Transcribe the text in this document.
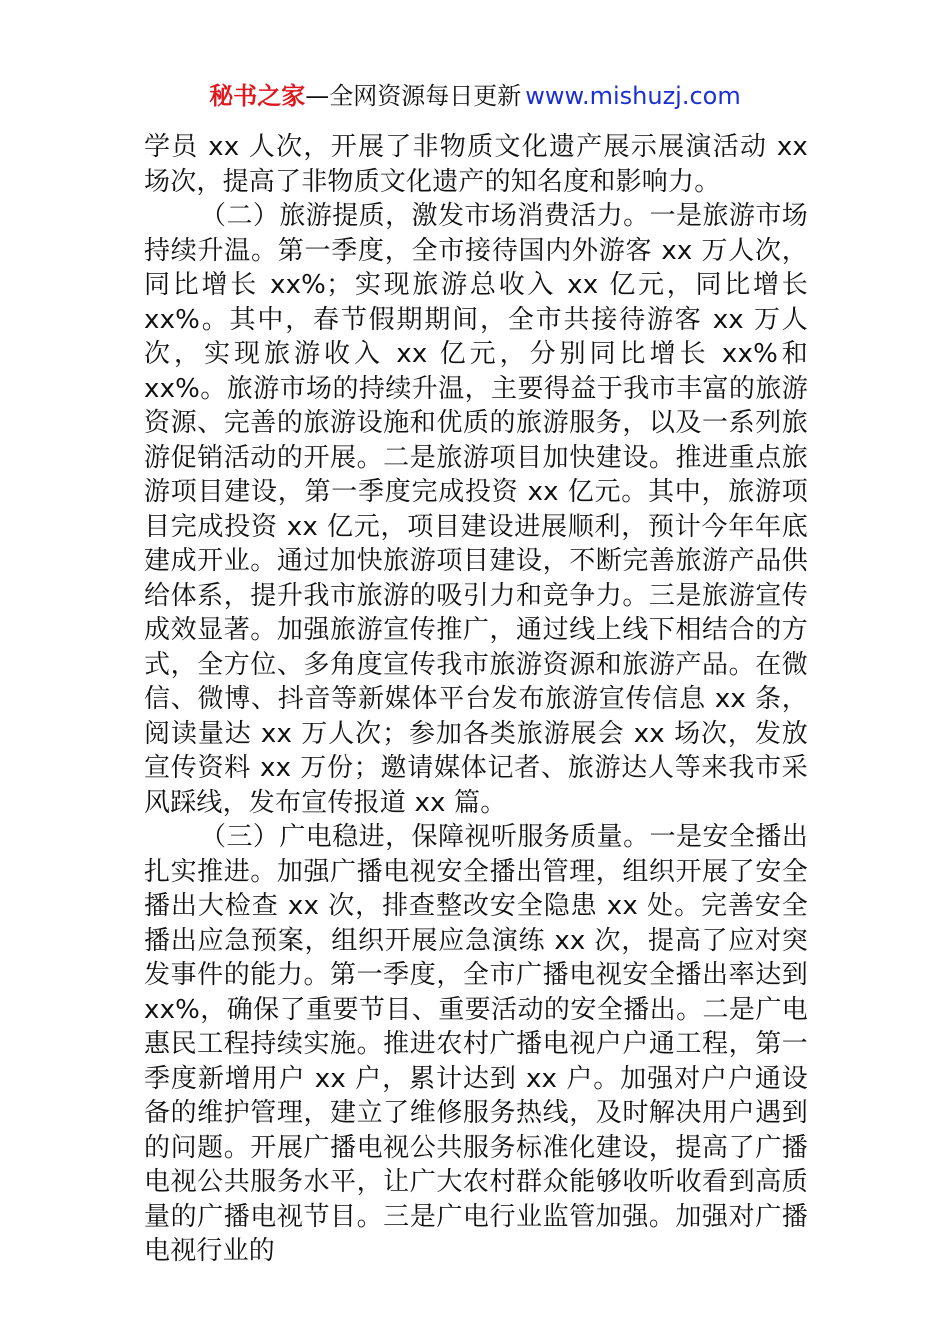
秘书之家—全网资源每日更新 www.mishuzj.com

学员 xx 人次，开展了非物质文化遗产展示展演活动 xx 场次，提高了非物质文化遗产的知名度和影响力。

（二）旅游提质，激发市场消费活力。一是旅游市场持续升温。第一季度，全市接待国内外游客 xx 万人次，同比增长 xx%；实现旅游总收入 xx 亿元，同比增长 xx%。其中，春节假期期间，全市共接待游客 xx 万人次，实现旅游收入 xx 亿元，分别同比增长 xx%和 xx%。旅游市场的持续升温，主要得益于我市丰富的旅游资源、完善的旅游设施和优质的旅游服务，以及一系列旅游促销活动的开展。二是旅游项目加快建设。推进重点旅游项目建设，第一季度完成投资 xx 亿元。其中，旅游项目完成投资 xx 亿元，项目建设进展顺利，预计今年年底建成开业。通过加快旅游项目建设，不断完善旅游产品供给体系，提升我市旅游的吸引力和竞争力。三是旅游宣传成效显著。加强旅游宣传推广，通过线上线下相结合的方式，全方位、多角度宣传我市旅游资源和旅游产品。在微信、微博、抖音等新媒体平台发布旅游宣传信息 xx 条，阅读量达 xx 万人次；参加各类旅游展会 xx 场次，发放宣传资料 xx 万份；邀请媒体记者、旅游达人等来我市采风踩线，发布宣传报道 xx 篇。

（三）广电稳进，保障视听服务质量。一是安全播出扎实推进。加强广播电视安全播出管理，组织开展了安全播出大检查 xx 次，排查整改安全隐患 xx 处。完善安全播出应急预案，组织开展应急演练 xx 次，提高了应对突发事件的能力。第一季度，全市广播电视安全播出率达到 xx%，确保了重要节目、重要活动的安全播出。二是广电惠民工程持续实施。推进农村广播电视户户通工程，第一季度新增用户 xx 户，累计达到 xx 户。加强对户户通设备的维护管理，建立了维修服务热线，及时解决用户遇到的问题。开展广播电视公共服务标准化建设，提高了广播电视公共服务水平，让广大农村群众能够收听收看到高质量的广播电视节目。三是广电行业监管加强。加强对广播电视行业的
